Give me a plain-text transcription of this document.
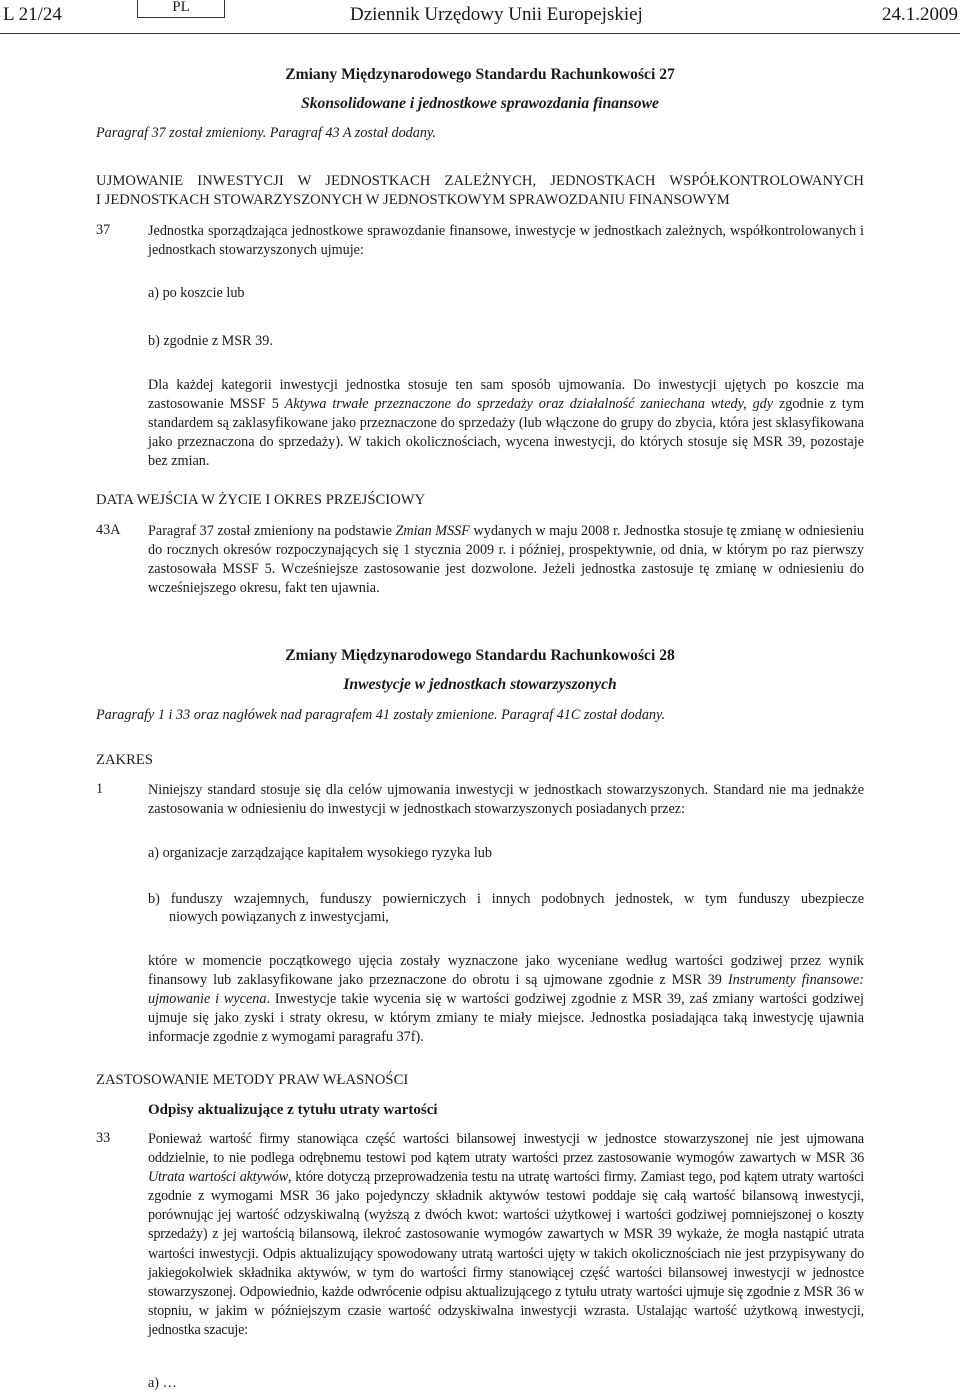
L 21/24	PL	Dziennik Urzędowy Unii Europejskiej	24.1.2009
Zmiany Międzynarodowego Standardu Rachunkowości 27
Skonsolidowane i jednostkowe sprawozdania finansowe
Paragraf 37 został zmieniony. Paragraf 43 A został dodany.
UJMOWANIE INWESTYCJI W JEDNOSTKACH ZALEŻNYCH, JEDNOSTKACH WSPÓŁKONTROLOWANYCH
I JEDNOSTKACH STOWARZYSZONYCH W JEDNOSTKOWYM SPRAWOZDANIU FINANSOWYM
37	Jednostka sporządzająca jednostkowe sprawozdanie finansowe, inwestycje w jednostkach zależnych, współkontrolowanych i jednostkach stowarzyszonych ujmuje:
a) po koszcie lub
b) zgodnie z MSR 39.
Dla każdej kategorii inwestycji jednostka stosuje ten sam sposób ujmowania. Do inwestycji ujętych po koszcie ma zastosowanie MSSF 5 Aktywa trwałe przeznaczone do sprzedaży oraz działalność zaniechana wtedy, gdy zgodnie z tym standardem są zaklasyfikowane jako przeznaczone do sprzedaży (lub włączone do grupy do zbycia, która jest sklasyfikowana jako przeznaczona do sprzedaży). W takich okolicznościach, wycena inwestycji, do których stosuje się MSR 39, pozostaje bez zmian.
DATA WEJŚCIA W ŻYCIE I OKRES PRZEJŚCIOWY
43A Paragraf 37 został zmieniony na podstawie Zmian MSSF wydanych w maju 2008 r. Jednostka stosuje tę zmianę w odniesieniu do rocznych okresów rozpoczynających się 1 stycznia 2009 r. i później, prospektywnie, od dnia, w którym po raz pierwszy zastosowała MSSF 5. Wcześniejsze zastosowanie jest dozwolone. Jeżeli jednostka zastosuje tę zmianę w odniesieniu do wcześniejszego okresu, fakt ten ujawnia.
Zmiany Międzynarodowego Standardu Rachunkowości 28
Inwestycje w jednostkach stowarzyszonych
Paragrafy 1 i 33 oraz nagłówek nad paragrafem 41 zostały zmienione. Paragraf 41C został dodany.
ZAKRES
1	Niniejszy standard stosuje się dla celów ujmowania inwestycji w jednostkach stowarzyszonych. Standard nie ma jednakże zastosowania w odniesieniu do inwestycji w jednostkach stowarzyszonych posiadanych przez:
a) organizacje zarządzające kapitałem wysokiego ryzyka lub
b) funduszy wzajemnych, funduszy powierniczych i innych podobnych jednostek, w tym funduszy ubezpiecze
niowych powiązanych z inwestycjami,
które w momencie początkowego ujęcia zostały wyznaczone jako wyceniane według wartości godziwej przez wynik finansowy lub zaklasyfikowane jako przeznaczone do obrotu i są ujmowane zgodnie z MSR 39 Instrumenty finansowe: ujmowanie i wycena. Inwestycje takie wycenia się w wartości godziwej zgodnie z MSR 39, zaś zmiany wartości godziwej ujmuje się jako zyski i straty okresu, w którym zmiany te miały miejsce. Jednostka posiadająca taką inwestycję ujawnia informacje zgodnie z wymogami paragrafu 37f).
ZASTOSOWANIE METODY PRAW WŁASNOŚCI
Odpisy aktualizujące z tytułu utraty wartości
33	Ponieważ wartość firmy stanowiąca część wartości bilansowej inwestycji w jednostce stowarzyszonej nie jest ujmowana oddzielnie, to nie podlega odrębnemu testowi pod kątem utraty wartości przez zastosowanie wymogów zawartych w MSR 36 Utrata wartości aktywów, które dotyczą przeprowadzenia testu na utratę wartości firmy. Zamiast tego, pod kątem utraty wartości zgodnie z wymogami MSR 36 jako pojedynczy składnik aktywów testowi poddaje się całą wartość bilansową inwestycji, porównując jej wartość odzyskiwalną (wyższą z dwóch kwot: wartości użytkowej i wartości godziwej pomniejszonej o koszty sprzedaży) z jej wartością bilansową, ilekroć zastosowanie wymogów zawartych w MSR 39 wykaże, że mogła nastąpić utrata wartości inwestycji. Odpis aktualizujący spowodowany utratą wartości ujęty w takich okolicznościach nie jest przypisywany do jakiegokolwiek składnika aktywów, w tym do wartości firmy stanowiącej część wartości bilansowej inwestycji w jednostce stowarzyszonej. Odpowiednio, każde odwrócenie odpisu aktualizującego z tytułu utraty wartości ujmuje się zgodnie z MSR 36 w stopniu, w jakim w późniejszym czasie wartość odzyskiwalna inwestycji wzrasta. Ustalając wartość użytkową inwestycji, jednostka szacuje:
a) …
